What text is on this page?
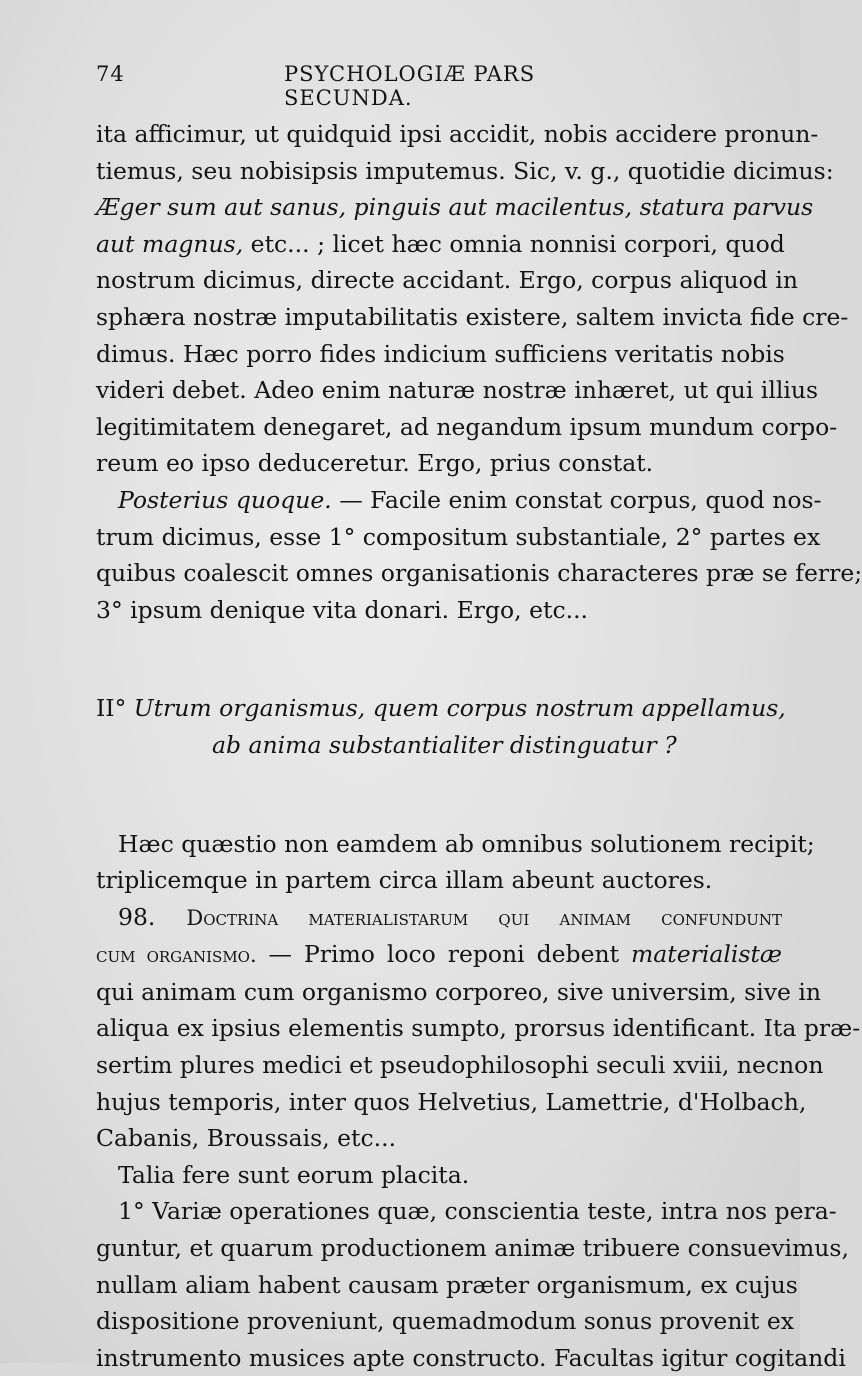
74	PSYCHOLOGIÆ PARS SECUNDA.
ita afficimur, ut quidquid ipsi accidit, nobis accidere pronun-
tiemus, seu nobisipsis imputemus. Sic, v. g., quotidie dicimus:
Æger sum aut sanus, pinguis aut macilentus, statura parvus
aut magnus, etc... ; licet hæc omnia nonnisi corpori, quod
nostrum dicimus, directe accidant. Ergo, corpus aliquod in
sphæra nostræ imputabilitatis existere, saltem invicta fide cre-
dimus. Hæc porro fides indicium sufficiens veritatis nobis
videri debet. Adeo enim naturæ nostræ inhæret, ut qui illius
legitimitatem denegaret, ad negandum ipsum mundum corpo-
reum eo ipso deduceretur. Ergo, prius constat.
Posterius quoque. — Facile enim constat corpus, quod nos-
trum dicimus, esse 1° compositum substantiale, 2° partes ex
quibus coalescit omnes organisationis characteres præ se ferre;
3° ipsum denique vita donari. Ergo, etc...
II° Utrum organismus, quem corpus nostrum appellamus,
ab anima substantialiter distinguatur ?
Hæc quæstio non eamdem ab omnibus solutionem recipit;
triplicemque in partem circa illam abeunt auctores.
98. Doctrina materialistarum qui animam confundunt
cum organismo. — Primo loco reponi debent materialistæ
qui animam cum organismo corporeo, sive universim, sive in
aliqua ex ipsius elementis sumpto, prorsus identificant. Ita præ-
sertim plures medici et pseudophilosophi seculi xviii, necnon
hujus temporis, inter quos Helvetius, Lamettrie, d'Holbach,
Cabanis, Broussais, etc...
Talia fere sunt eorum placita.
1° Variæ operationes quæ, conscientia teste, intra nos pera-
guntur, et quarum productionem animæ tribuere consuevimus,
nullam aliam habent causam præter organismum, ex cujus
dispositione proveniunt, quemadmodum sonus provenit ex
instrumento musices apte constructo. Facultas igitur cogitandi
